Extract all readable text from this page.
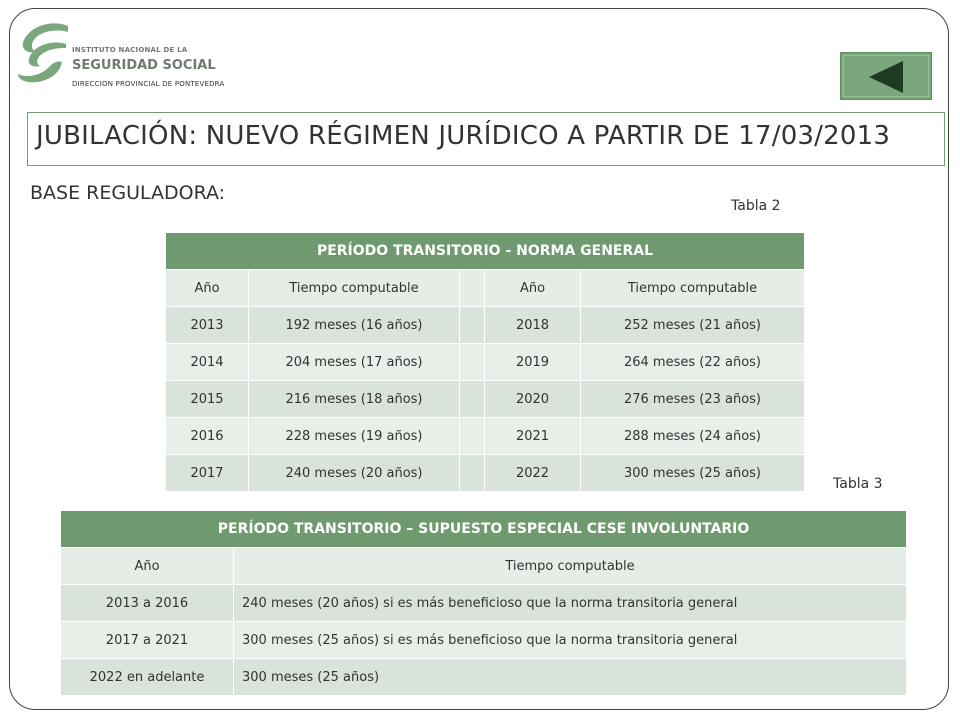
INSTITUTO NACIONAL DE LA
SEGURIDAD SOCIAL
DIRECCION PROVINCIAL DE PONTEVEDRA
JUBILACIÓN: NUEVO RÉGIMEN JURÍDICO A PARTIR DE 17/03/2013
BASE REGULADORA:
Tabla 2
PERÍODO TRANSITORIO - NORMA GENERAL				
Año	Tiempo computable		Año	Tiempo computable
2013	192 meses (16 años)		2018	252 meses (21 años)
2014	204 meses (17 años)		2019	264 meses (22 años)
2015	216 meses (18 años)		2020	276 meses (23 años)
2016	228 meses (19 años)		2021	288 meses (24 años)
2017	240 meses (20 años)		2022	300 meses (25 años)
Tabla 3
PERÍODO TRANSITORIO – SUPUESTO ESPECIAL CESE INVOLUNTARIO	
Año	Tiempo computable
2013 a 2016	240 meses (20 años) si es más beneficioso que la norma transitoria general
2017 a 2021	300 meses (25 años) si es más beneficioso que la norma transitoria general
2022 en adelante	300 meses (25 años)
